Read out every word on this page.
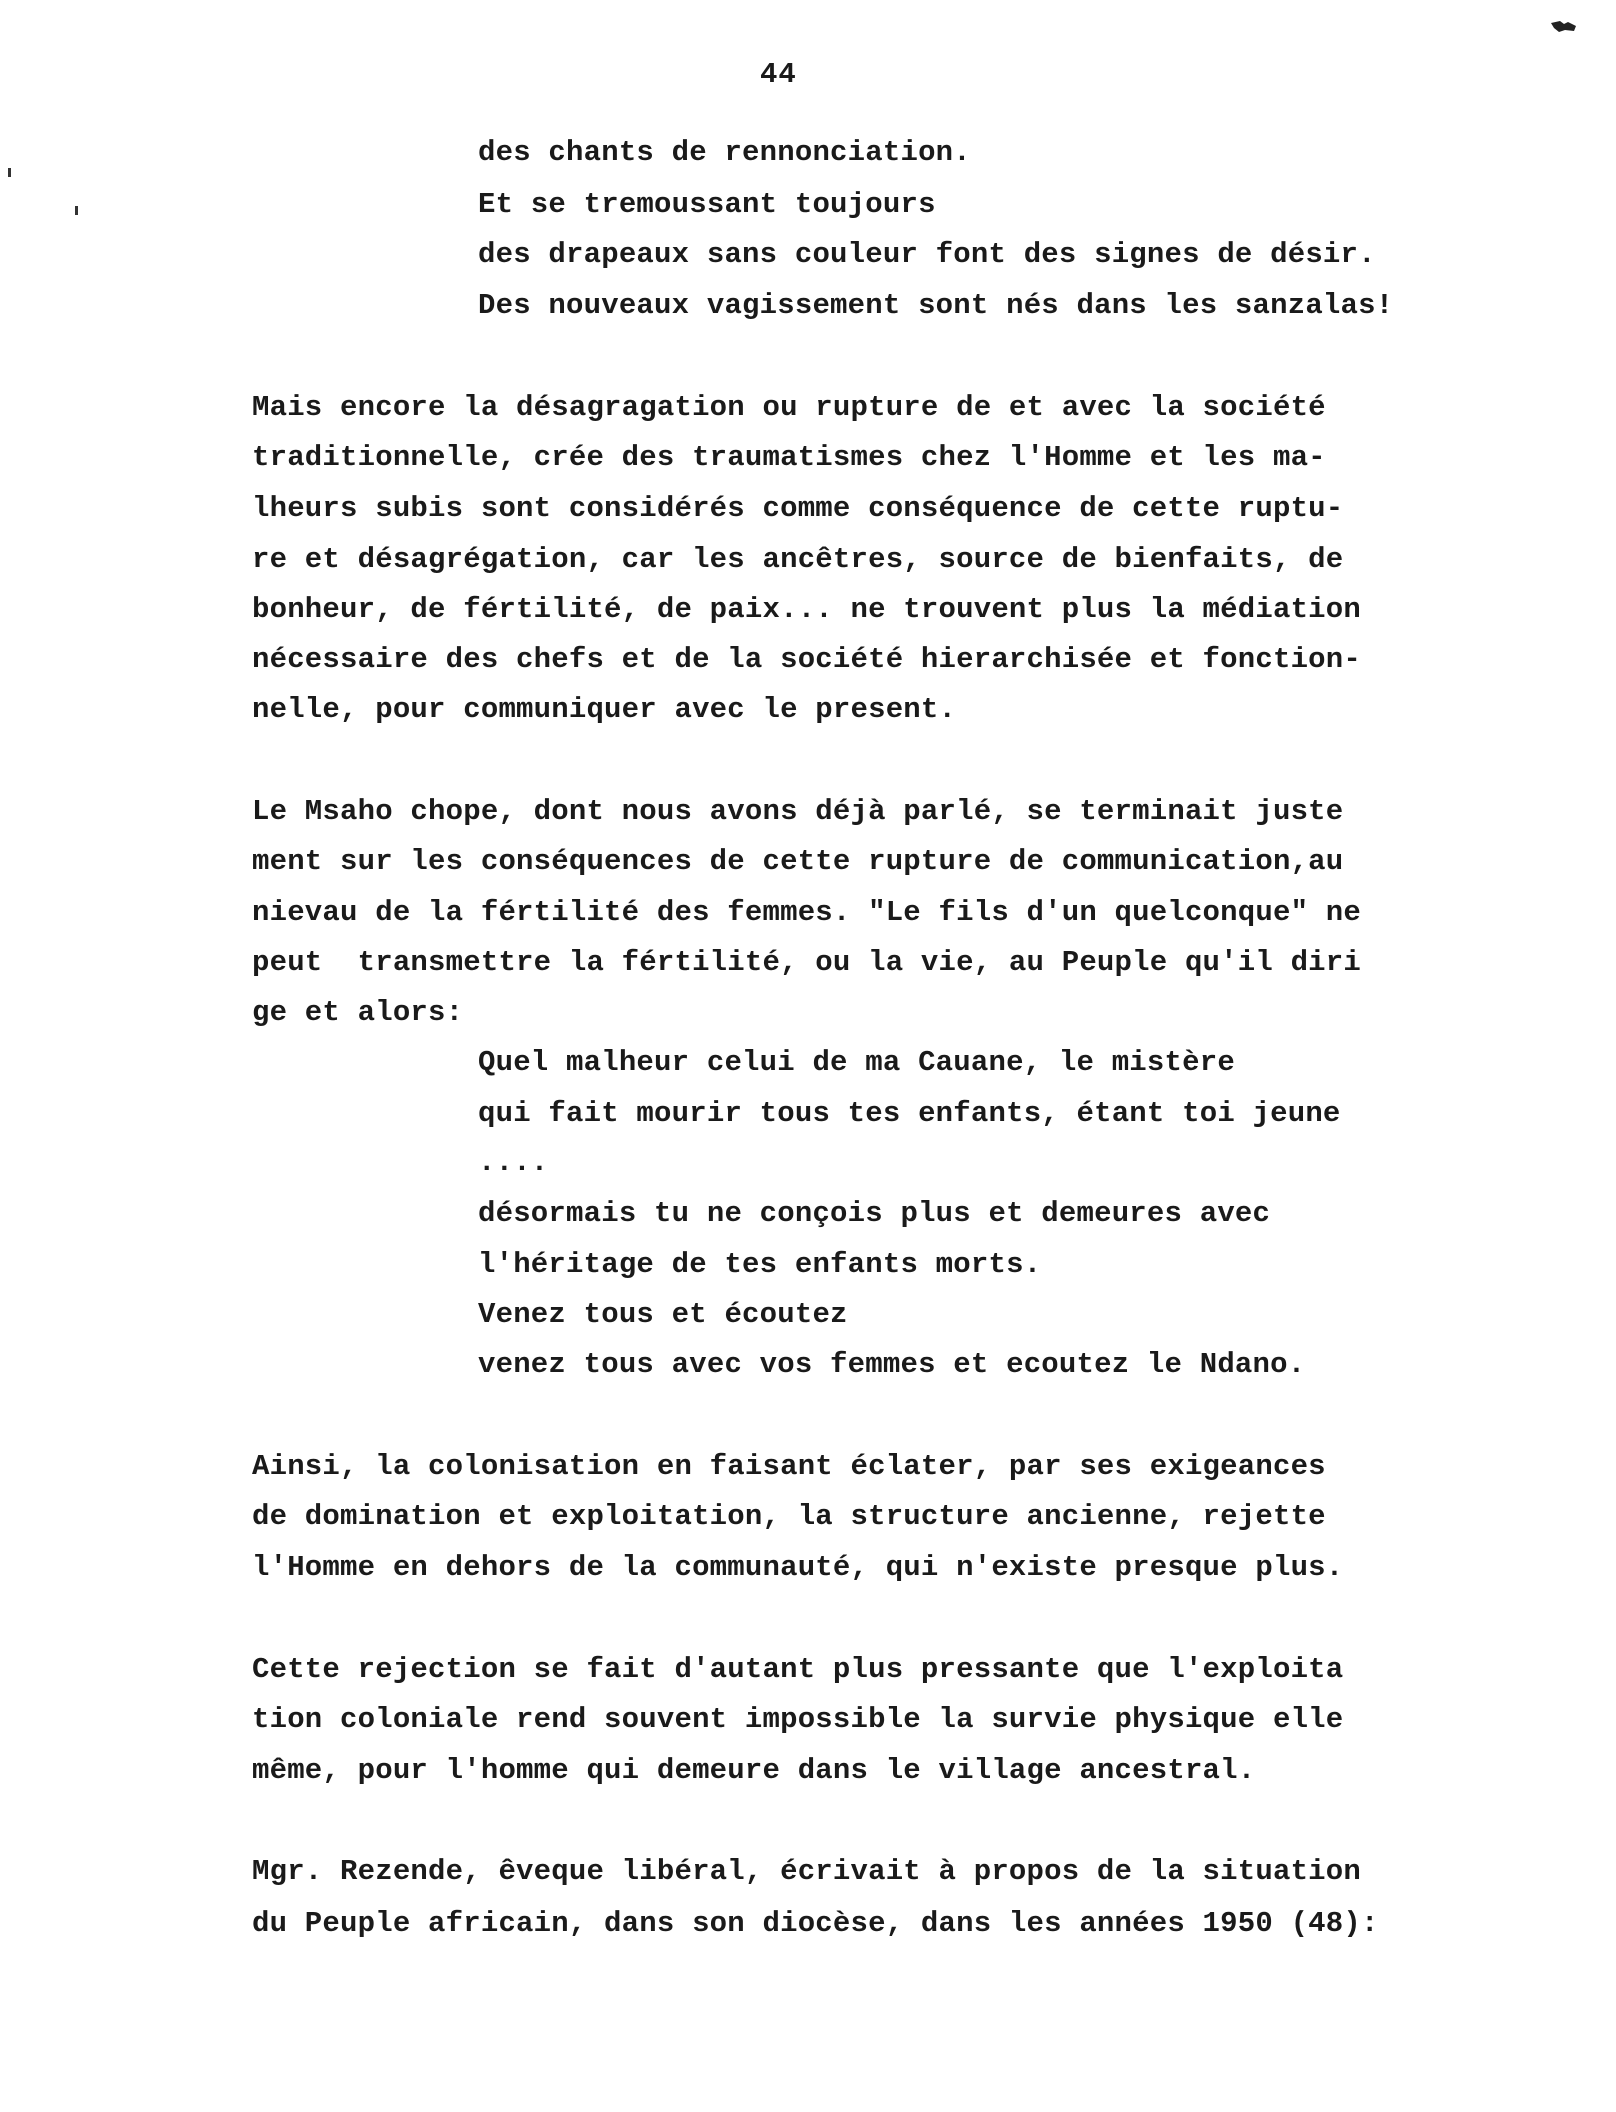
44
des chants de rennonciation.
Et se tremoussant toujours
des drapeaux sans couleur font des signes de désir.
Des nouveaux vagissement sont nés dans les sanzalas!
Mais encore la désagragation ou rupture de et avec la société
traditionnelle, crée des traumatismes chez l'Homme et les ma-
lheurs subis sont considérés comme conséquence de cette ruptu-
re et désagrégation, car les ancêtres, source de bienfaits, de
bonheur, de fértilité, de paix... ne trouvent plus la médiation
nécessaire des chefs et de la société hierarchisée et fonction-
nelle, pour communiquer avec le present.
Le Msaho chope, dont nous avons déjà parlé, se terminait juste
ment sur les conséquences de cette rupture de communication,au
nievau de la fértilité des femmes. "Le fils d'un quelconque" ne
peut  transmettre la fértilité, ou la vie, au Peuple qu'il diri
ge et alors:
Quel malheur celui de ma Cauane, le mistère
qui fait mourir tous tes enfants, étant toi jeune
....
désormais tu ne conçois plus et demeures avec
l'héritage de tes enfants morts.
Venez tous et écoutez
venez tous avec vos femmes et ecoutez le Ndano.
Ainsi, la colonisation en faisant éclater, par ses exigeances
de domination et exploitation, la structure ancienne, rejette
l'Homme en dehors de la communauté, qui n'existe presque plus.
Cette rejection se fait d'autant plus pressante que l'exploita
tion coloniale rend souvent impossible la survie physique elle
même, pour l'homme qui demeure dans le village ancestral.
Mgr. Rezende, êveque libéral, écrivait à propos de la situation
du Peuple africain, dans son diocèse, dans les années 1950 (48):
